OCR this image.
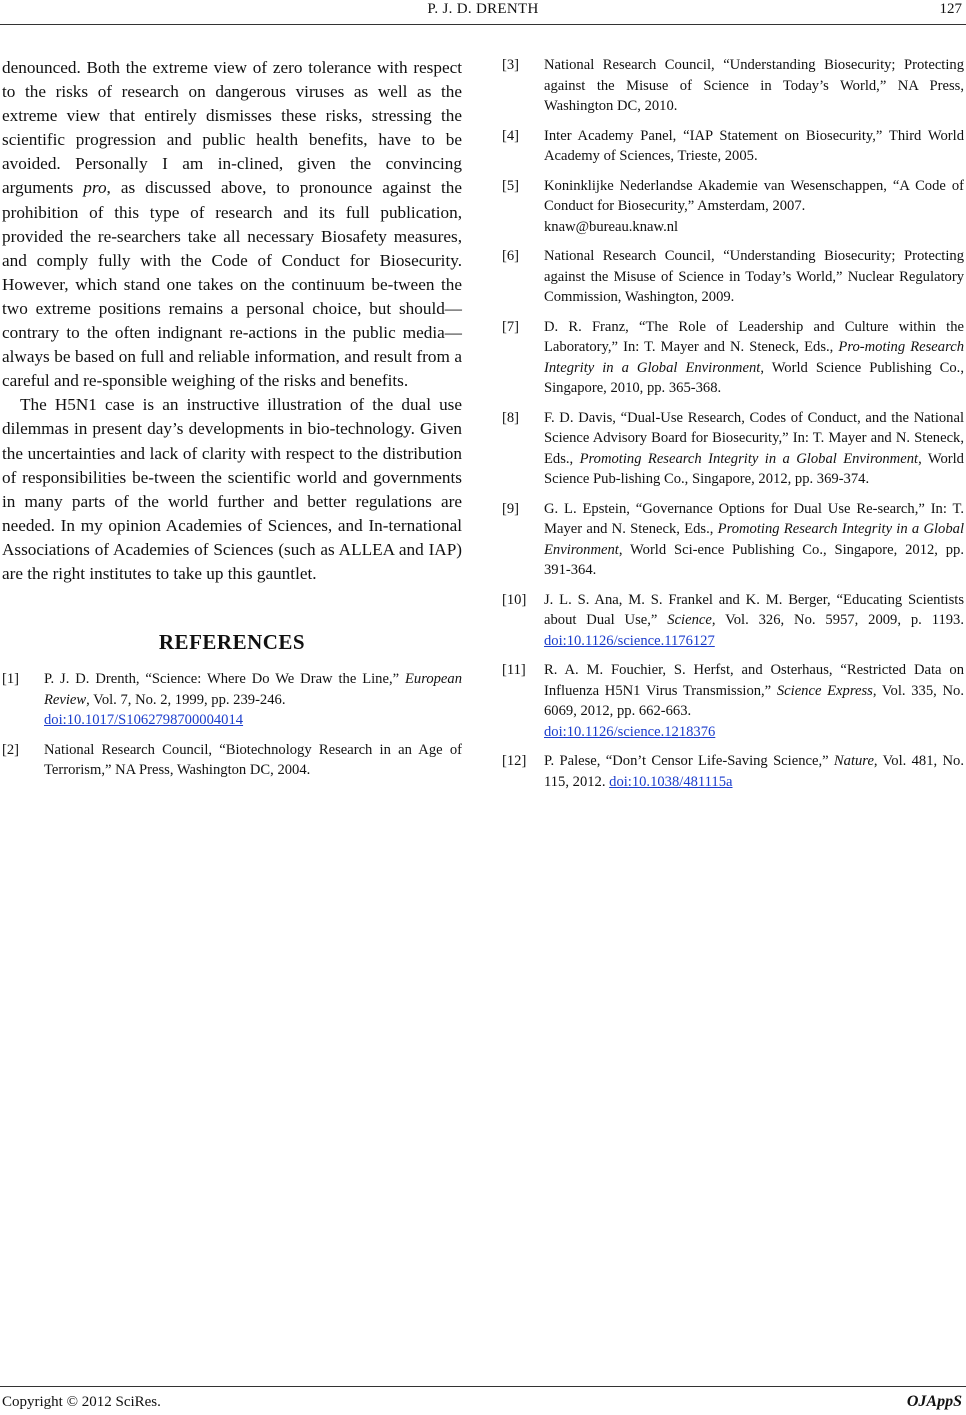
P. J. D. DRENTH	127

denounced. Both the extreme view of zero tolerance with respect to the risks of research on dangerous viruses as well as the extreme view that entirely dismisses these risks, stressing the scientific progression and public health benefits, have to be avoided. Personally I am in-clined, given the convincing arguments pro, as discussed above, to pronounce against the prohibition of this type of research and its full publication, provided the re-searchers take all necessary Biosafety measures, and comply fully with the Code of Conduct for Biosecurity. However, which stand one takes on the continuum be-tween the two extreme positions remains a personal choice, but should—contrary to the often indignant re-actions in the public media—always be based on full and reliable information, and result from a careful and re-sponsible weighing of the risks and benefits.

The H5N1 case is an instructive illustration of the dual use dilemmas in present day’s developments in bio-technology. Given the uncertainties and lack of clarity with respect to the distribution of responsibilities be-tween the scientific world and governments in many parts of the world further and better regulations are needed. In my opinion Academies of Sciences, and In-ternational Associations of Academies of Sciences (such as ALLEA and IAP) are the right institutes to take up this gauntlet.

REFERENCES
[1] P. J. D. Drenth, “Science: Where Do We Draw the Line,” European Review, Vol. 7, No. 2, 1999, pp. 239-246.
doi:10.1017/S1062798700004014
[2] National Research Council, “Biotechnology Research in an Age of Terrorism,” NA Press, Washington DC, 2004.
[3] National Research Council, “Understanding Biosecurity; Protecting against the Misuse of Science in Today’s World,” NA Press, Washington DC, 2010.
[4] Inter Academy Panel, “IAP Statement on Biosecurity,” Third World Academy of Sciences, Trieste, 2005.
[5] Koninklijke Nederlandse Akademie van Wesenschappen, “A Code of Conduct for Biosecurity,” Amsterdam, 2007.
knaw@bureau.knaw.nl
[6] National Research Council, “Understanding Biosecurity; Protecting against the Misuse of Science in Today’s World,” Nuclear Regulatory Commission, Washington, 2009.
[7] D. R. Franz, “The Role of Leadership and Culture within the Laboratory,” In: T. Mayer and N. Steneck, Eds., Pro-moting Research Integrity in a Global Environment, World Science Publishing Co., Singapore, 2010, pp. 365-368.
[8] F. D. Davis, “Dual-Use Research, Codes of Conduct, and the National Science Advisory Board for Biosecurity,” In: T. Mayer and N. Steneck, Eds., Promoting Research Integrity in a Global Environment, World Science Pub-lishing Co., Singapore, 2012, pp. 369-374.
[9] G. L. Epstein, “Governance Options for Dual Use Re-search,” In: T. Mayer and N. Steneck, Eds., Promoting Research Integrity in a Global Environment, World Sci-ence Publishing Co., Singapore, 2012, pp. 391-364.
[10] J. L. S. Ana, M. S. Frankel and K. M. Berger, “Educating Scientists about Dual Use,” Science, Vol. 326, No. 5957, 2009, p. 1193. doi:10.1126/science.1176127
[11] R. A. M. Fouchier, S. Herfst, and Osterhaus, “Restricted Data on Influenza H5N1 Virus Transmission,” Science Express, Vol. 335, No. 6069, 2012, pp. 662-663.
doi:10.1126/science.1218376
[12] P. Palese, “Don’t Censor Life-Saving Science,” Nature, Vol. 481, No. 115, 2012. doi:10.1038/481115a
Copyright © 2012 SciRes.	OJAppS
